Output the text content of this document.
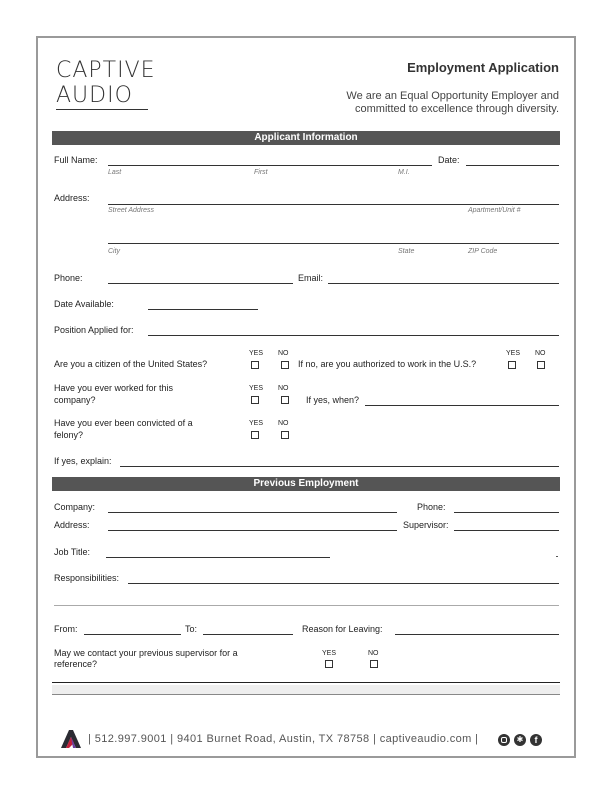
CAPTIVE
AUDIO
Employment Application
We are an Equal Opportunity Employer and
committed to excellence through diversity.
Applicant Information
Full Name:
Last	First	M.I.
Date:
Address:
Street Address	Apartment/Unit #
City	State	ZIP Code
Phone:	Email:
Date Available:
Position Applied for:
Are you a citizen of the United States?
YES NO
If no, are you authorized to work in the U.S.?
YES NO
Have you ever worked for this
company?
YES NO
If yes, when?
Have you ever been convicted of a
felony?
YES NO
If yes, explain:
Previous Employment
Company:	Phone:
Address:	Supervisor:
Job Title:
Responsibilities:
From:	To:	Reason for Leaving:
May we contact your previous supervisor for a
reference?
YES	NO
| 512.997.9001 | 9401 Burnet Road, Austin, TX 78758 | captiveaudio.com |	✱	f
